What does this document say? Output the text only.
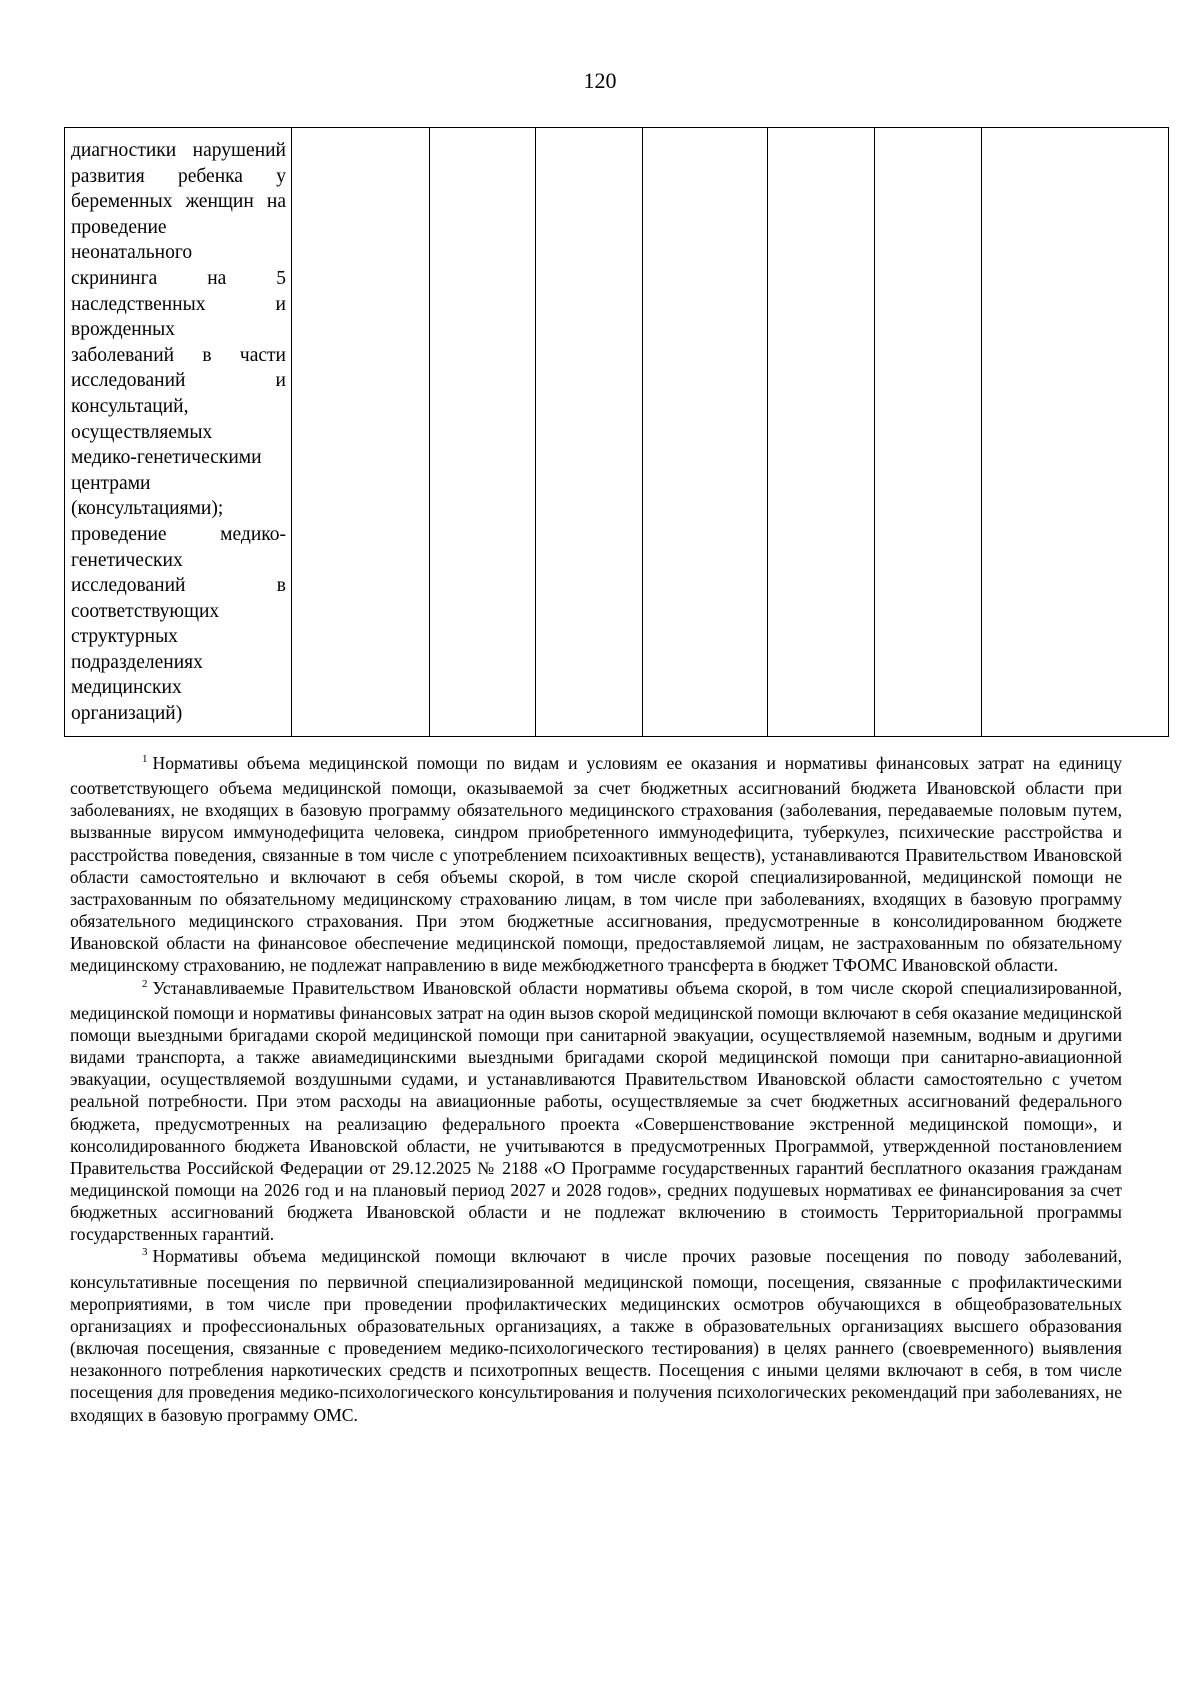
120
диагностики нарушений
развития ребенка у
беременных женщин на
проведение
неонатального
скрининга на 5
наследственных и
врожденных
заболеваний в части
исследований и
консультаций,
осуществляемых
медико-генетическими
центрами
(консультациями);
проведение медико-
генетических
исследований в
соответствующих
структурных
подразделениях
медицинских
организаций)

$^1$ Нормативы объема медицинской помощи по видам и условиям ее оказания и нормативы финансовых затрат на единицу соответствующего объема медицинской помощи, оказываемой за счет бюджетных ассигнований бюджета Ивановской области при заболеваниях, не входящих в базовую программу обязательного медицинского страхования (заболевания, передаваемые половым путем, вызванные вирусом иммунодефицита человека, синдром приобретенного иммунодефицита, туберкулез, психические расстройства и расстройства поведения, связанные в том числе с употреблением психоактивных веществ), устанавливаются Правительством Ивановской области самостоятельно и включают в себя объемы скорой, в том числе скорой специализированной, медицинской помощи не застрахованным по обязательному медицинскому страхованию лицам, в том числе при заболеваниях, входящих в базовую программу обязательного медицинского страхования. При этом бюджетные ассигнования, предусмотренные в консолидированном бюджете Ивановской области на финансовое обеспечение медицинской помощи, предоставляемой лицам, не застрахованным по обязательному медицинскому страхованию, не подлежат направлению в виде межбюджетного трансферта в бюджет ТФОМС Ивановской области.

$^2$ Устанавливаемые Правительством Ивановской области нормативы объема скорой, в том числе скорой специализированной, медицинской помощи и нормативы финансовых затрат на один вызов скорой медицинской помощи включают в себя оказание медицинской помощи выездными бригадами скорой медицинской помощи при санитарной эвакуации, осуществляемой наземным, водным и другими видами транспорта, а также авиамедицинскими выездными бригадами скорой медицинской помощи при санитарно-авиационной эвакуации, осуществляемой воздушными судами, и устанавливаются Правительством Ивановской области самостоятельно с учетом реальной потребности. При этом расходы на авиационные работы, осуществляемые за счет бюджетных ассигнований федерального бюджета, предусмотренных на реализацию федерального проекта «Совершенствование экстренной медицинской помощи», и консолидированного бюджета Ивановской области, не учитываются в предусмотренных Программой, утвержденной постановлением Правительства Российской Федерации от 29.12.2025 № 2188 «О Программе государственных гарантий бесплатного оказания гражданам медицинской помощи на 2026 год и на плановый период 2027 и 2028 годов», средних подушевых нормативах ее финансирования за счет бюджетных ассигнований бюджета Ивановской области и не подлежат включению в стоимость Территориальной программы государственных гарантий.

$^3$ Нормативы объема медицинской помощи включают в числе прочих разовые посещения по поводу заболеваний, консультативные посещения по первичной специализированной медицинской помощи, посещения, связанные с профилактическими мероприятиями, в том числе при проведении профилактических медицинских осмотров обучающихся в общеобразовательных организациях и профессиональных образовательных организациях, а также в образовательных организациях высшего образования (включая посещения, связанные с проведением медико-психологического тестирования) в целях раннего (своевременного) выявления незаконного потребления наркотических средств и психотропных веществ. Посещения с иными целями включают в себя, в том числе посещения для проведения медико-психологического консультирования и получения психологических рекомендаций при заболеваниях, не входящих в базовую программу ОМС.
